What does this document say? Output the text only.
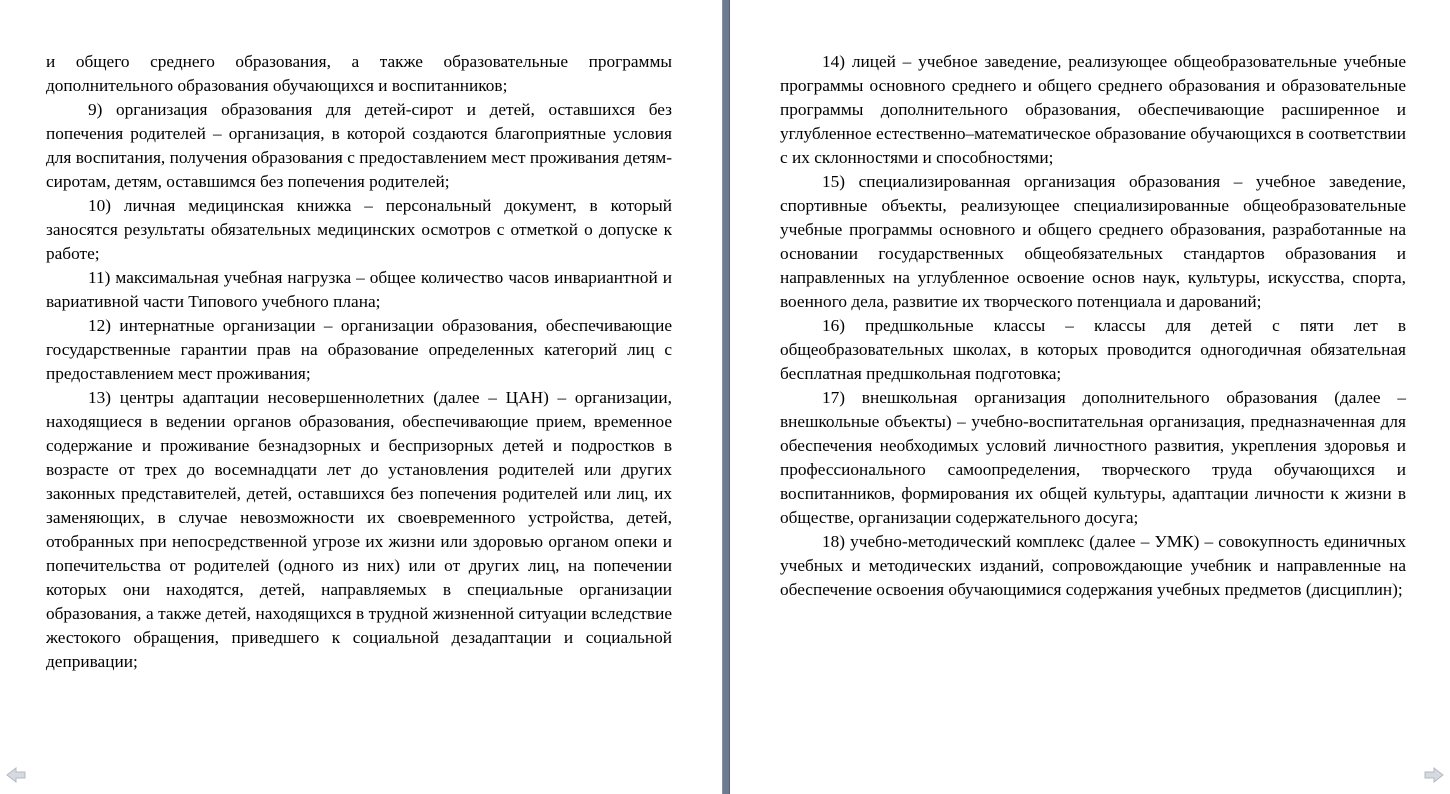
и общего среднего образования, а также образовательные программы дополнительного образования обучающихся и воспитанников;

9) организация образования для детей-сирот и детей, оставшихся без попечения родителей – организация, в которой создаются благоприятные условия для воспитания, получения образования с предоставлением мест проживания детям-сиротам, детям, оставшимся без попечения родителей;

10) личная медицинская книжка – персональный документ, в который заносятся результаты обязательных медицинских осмотров с отметкой о допуске к работе;

11) максимальная учебная нагрузка – общее количество часов инвариантной и вариативной части Типового учебного плана;

12) интернатные организации – организации образования, обеспечивающие государственные гарантии прав на образование определенных категорий лиц с предоставлением мест проживания;

13) центры адаптации несовершеннолетних (далее – ЦАН) – организации, находящиеся в ведении органов образования, обеспечивающие прием, временное содержание и проживание безнадзорных и беспризорных детей и подростков в возрасте от трех до восемнадцати лет до установления родителей или других законных представителей, детей, оставшихся без попечения родителей или лиц, их заменяющих, в случае невозможности их своевременного устройства, детей, отобранных при непосредственной угрозе их жизни или здоровью органом опеки и попечительства от родителей (одного из них) или от других лиц, на попечении которых они находятся, детей, направляемых в специальные организации образования, а также детей, находящихся в трудной жизненной ситуации вследствие жестокого обращения, приведшего к социальной дезадаптации и социальной депривации;

14) лицей – учебное заведение, реализующее общеобразовательные учебные программы основного среднего и общего среднего образования и образовательные программы дополнительного образования, обеспечивающие расширенное и углубленное естественно–математическое образование обучающихся в соответствии с их склонностями и способностями;

15) специализированная организация образования – учебное заведение, спортивные объекты, реализующее специализированные общеобразовательные учебные программы основного и общего среднего образования, разработанные на основании государственных общеобязательных стандартов образования и направленных на углубленное освоение основ наук, культуры, искусства, спорта, военного дела, развитие их творческого потенциала и дарований;

16) предшкольные классы – классы для детей с пяти лет в общеобразовательных школах, в которых проводится одногодичная обязательная бесплатная предшкольная подготовка;

17) внешкольная организация дополнительного образования (далее – внешкольные объекты) – учебно-воспитательная организация, предназначенная для обеспечения необходимых условий личностного развития, укрепления здоровья и профессионального самоопределения, творческого труда обучающихся и воспитанников, формирования их общей культуры, адаптации личности к жизни в обществе, организации содержательного досуга;

18) учебно-методический комплекс (далее – УМК) – совокупность единичных учебных и методических изданий, сопровождающие учебник и направленные на обеспечение освоения обучающимися содержания учебных предметов (дисциплин);
